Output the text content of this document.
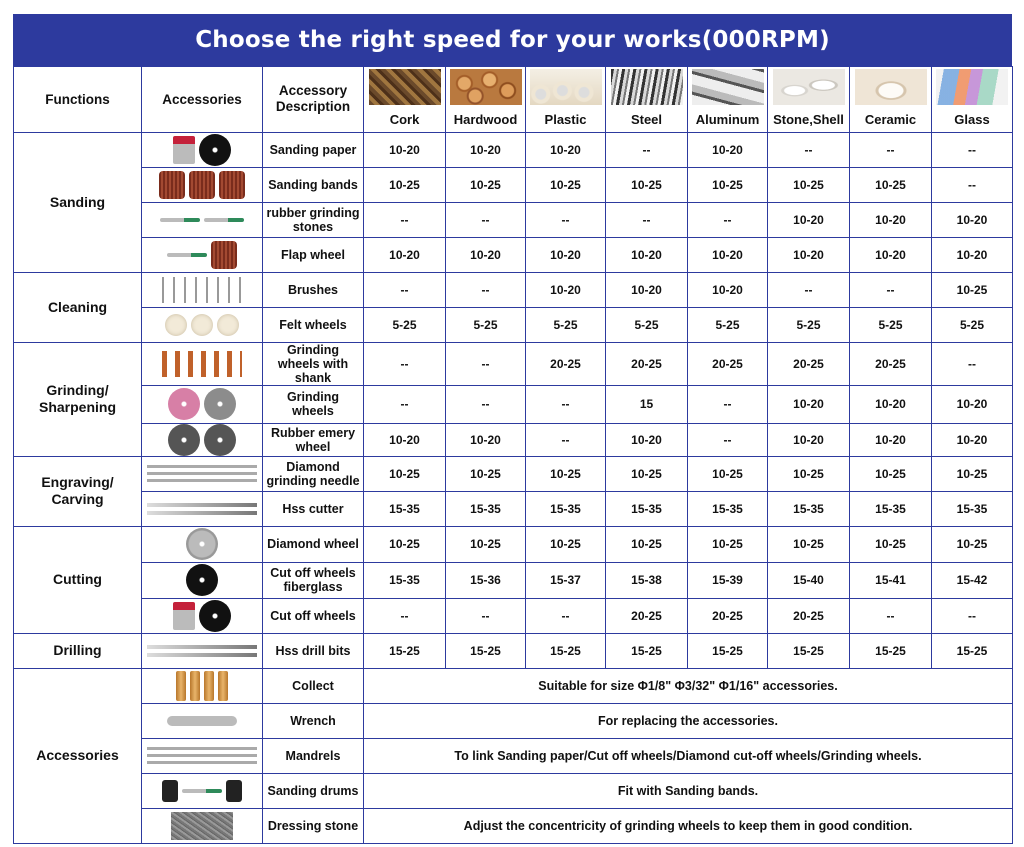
Choose the right speed for your works(000RPM)
Functions	Accessories	Accessory Description								
			Cork	Hardwood	Plastic	Steel	Aluminum	Stone,Shell	Ceramic	Glass
Sanding		Sanding paper	10-20	10-20	10-20	--	10-20	--	--	--

		Sanding bands	10-25	10-25	10-25	10-25	10-25	10-25	10-25	--

		rubber grinding stones	--	--	--	--	--	10-20	10-20	10-20

		Flap wheel	10-20	10-20	10-20	10-20	10-20	10-20	10-20	10-20
Cleaning		Brushes	--	--	10-20	10-20	10-20	--	--	10-25

		Felt wheels	5-25	5-25	5-25	5-25	5-25	5-25	5-25	5-25
Grinding/ Sharpening		Grinding wheels with shank	--	--	20-25	20-25	20-25	20-25	20-25	--

		Grinding wheels	--	--	--	15	--	10-20	10-20	10-20

		Rubber emery wheel	10-20	10-20	--	10-20	--	10-20	10-20	10-20
Engraving/ Carving		Diamond grinding needle	10-25	10-25	10-25	10-25	10-25	10-25	10-25	10-25

		Hss cutter	15-35	15-35	15-35	15-35	15-35	15-35	15-35	15-35
Cutting		Diamond wheel	10-25	10-25	10-25	10-25	10-25	10-25	10-25	10-25

		Cut off wheels fiberglass	15-35	15-36	15-37	15-38	15-39	15-40	15-41	15-42

		Cut off wheels	--	--	--	20-25	20-25	20-25	--	--
Drilling		Hss drill bits	15-25	15-25	15-25	15-25	15-25	15-25	15-25	15-25
Accessories		Collect	Suitable for size Φ1/8" Φ3/32" Φ1/16" accessories.							

		Wrench	For replacing the accessories.							

		Mandrels	To link Sanding paper/Cut off wheels/Diamond cut-off wheels/Grinding wheels.							

		Sanding drums	Fit with Sanding bands.							

		Dressing stone	Adjust the concentricity of grinding wheels to keep them in good condition.							
